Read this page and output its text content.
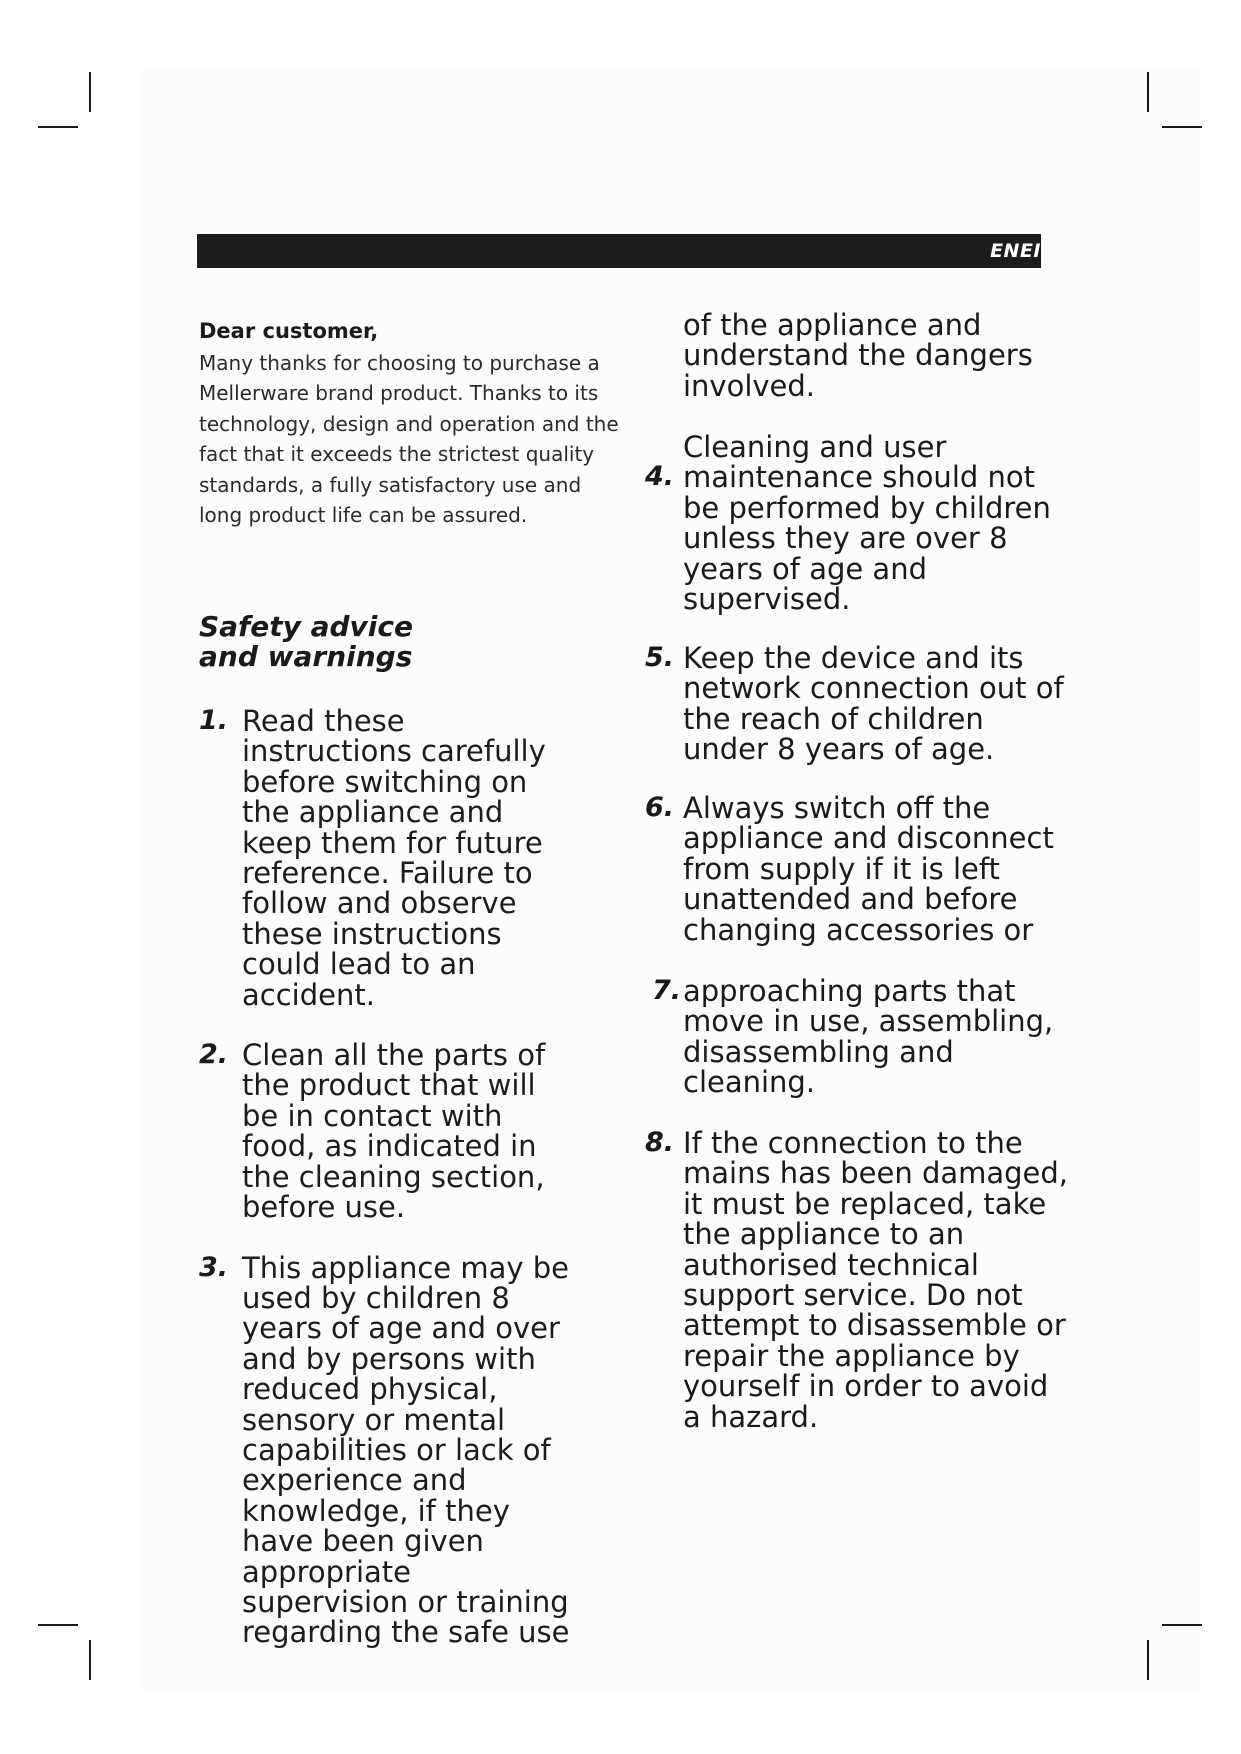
ENEI
Dear customer,
Many thanks for choosing to purchase a Mellerware brand product. Thanks to its technology, design and operation and the fact that it exceeds the strictest quality standards, a fully satisfactory use and long product life can be assured.
Safety advice and warnings
1. Read these instructions carefully before switching on the appliance and keep them for future reference. Failure to follow and observe these instructions could lead to an accident.
2. Clean all the parts of the product that will be in contact with food, as indicated in the cleaning section, before use.
3. This appliance may be used by children 8 years of age and over and by persons with reduced physical, sensory or mental capabilities or lack of experience and knowledge, if they have been given appropriate supervision or training regarding the safe use
of the appliance and understand the dangers involved.
4.
Cleaning and user maintenance should not be performed by children unless they are over 8 years of age and supervised.
5. Keep the device and its network connection out of the reach of children under 8 years of age.
6. Always switch off the appliance and disconnect from supply if it is left unattended and before changing accessories or
7. approaching parts that move in use, assembling, disassembling and cleaning.
8. If the connection to the mains has been damaged, it must be replaced, take the appliance to an authorised technical support service. Do not attempt to disassemble or repair the appliance by yourself in order to avoid a hazard.
